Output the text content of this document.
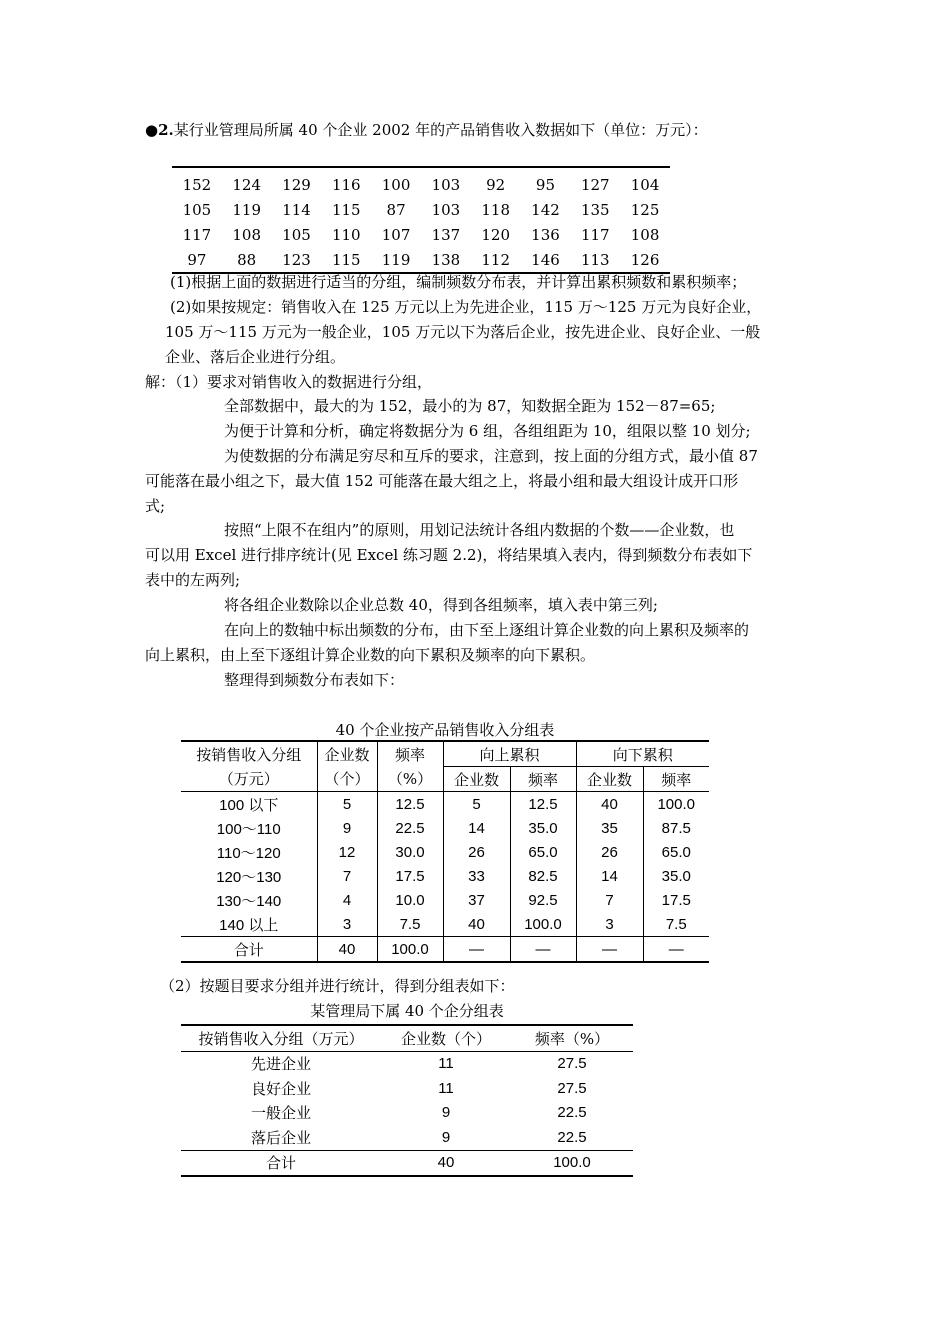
●2.某行业管理局所属 40 个企业 2002 年的产品销售收入数据如下（单位：万元）：
152	124	129	116	100	103	92	95	127	104
105	119	114	115	87	103	118	142	135	125
117	108	105	110	107	137	120	136	117	108
97	88	123	115	119	138	112	146	113	126
(1)根据上面的数据进行适当的分组，编制频数分布表，并计算出累积频数和累积频率；
(2)如果按规定：销售收入在 125 万元以上为先进企业，115 万～125 万元为良好企业，
105 万～115 万元为一般企业，105 万元以下为落后企业，按先进企业、良好企业、一般
企业、落后企业进行分组。
解：（1）要求对销售收入的数据进行分组，
全部数据中，最大的为 152，最小的为 87，知数据全距为 152－87=65;
为便于计算和分析，确定将数据分为 6 组，各组组距为 10，组限以整 10 划分;
为使数据的分布满足穷尽和互斥的要求，注意到，按上面的分组方式，最小值 87
可能落在最小组之下，最大值 152 可能落在最大组之上，将最小组和最大组设计成开口形
式;
按照“上限不在组内”的原则，用划记法统计各组内数据的个数——企业数，也
可以用 Excel 进行排序统计(见 Excel 练习题 2.2)，将结果填入表内，得到频数分布表如下
表中的左两列;
将各组企业数除以企业总数 40，得到各组频率，填入表中第三列;
在向上的数轴中标出频数的分布，由下至上逐组计算企业数的向上累积及频率的
向上累积，由上至下逐组计算企业数的向下累积及频率的向下累积。
整理得到频数分布表如下：
40 个企业按产品销售收入分组表
按销售收入分组	企业数	频率	向上累积		向下累积	
（万元）	（个）	（%）	企业数	频率	企业数	频率
100 以下	5	12.5	5	12.5	40	100.0
100～110	9	22.5	14	35.0	35	87.5
110～120	12	30.0	26	65.0	26	65.0
120～130	7	17.5	33	82.5	14	35.0
130～140	4	10.0	37	92.5	7	17.5
140 以上	3	7.5	40	100.0	3	7.5
合计	40	100.0	—	—	—	—
（2）按题目要求分组并进行统计，得到分组表如下：
某管理局下属 40 个企分组表
按销售收入分组（万元）	企业数（个）	频率（%）
先进企业	11	27.5
良好企业	11	27.5
一般企业	9	22.5
落后企业	9	22.5
合计	40	100.0
